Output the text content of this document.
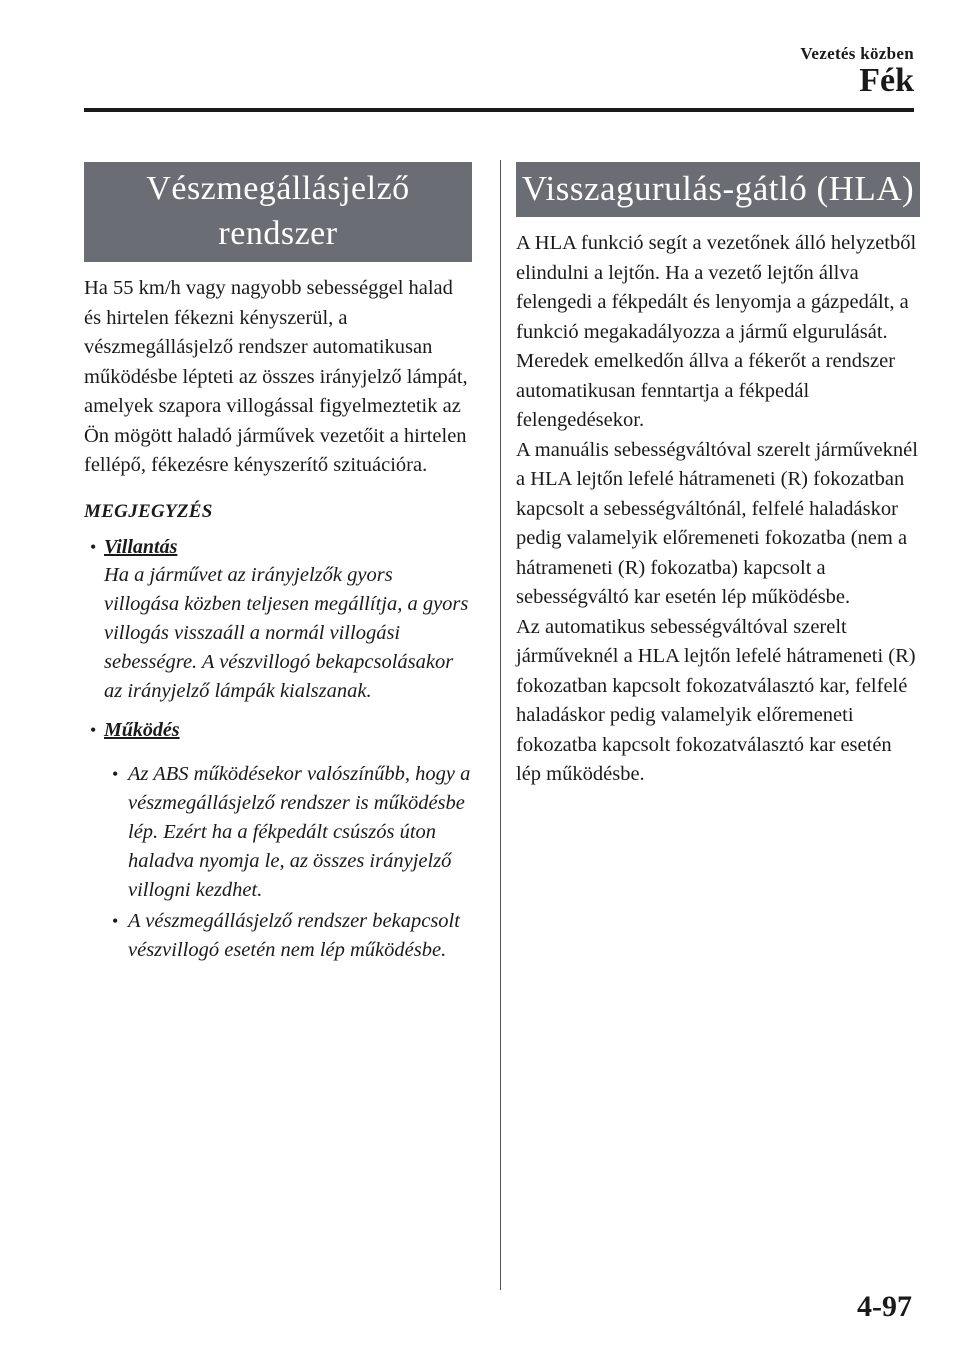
Vezetés közben
Fék
Vészmegállásjelző
rendszer

Ha 55 km/h vagy nagyobb sebességgel halad és hirtelen fékezni kényszerül, a vészmegállásjelző rendszer automatikusan működésbe lépteti az összes irányjelző lámpát, amelyek szapora villogással figyelmeztetik az Ön mögött haladó járművek vezetőit a hirtelen fellépő, fékezésre kényszerítő szituációra.

MEGJEGYZÉS
• Villantás

Ha a járművet az irányjelzők gyors villogása közben teljesen megállítja, a gyors villogás visszaáll a normál villogási sebességre. A vészvillogó bekapcsolásakor az irányjelző lámpák kialszanak.

• Működés
• Az ABS működésekor valószínűbb, hogy a vészmegállásjelző rendszer is működésbe lép. Ezért ha a fékpedált csúszós úton haladva nyomja le, az összes irányjelző villogni kezdhet.

• A vészmegállásjelző rendszer bekapcsolt vészvillogó esetén nem lép működésbe.

Visszagurulás-gátló (HLA)

A HLA funkció segít a vezetőnek álló helyzetből elindulni a lejtőn. Ha a vezető lejtőn állva felengedi a fékpedált és lenyomja a gázpedált, a funkció megakadályozza a jármű elgurulását. Meredek emelkedőn állva a fékerőt a rendszer automatikusan fenntartja a fékpedál felengedésekor.

A manuális sebességváltóval szerelt járműveknél a HLA lejtőn lefelé hátrameneti (R) fokozatban kapcsolt a sebességváltónál, felfelé haladáskor pedig valamelyik előremeneti fokozatba (nem a hátrameneti (R) fokozatba) kapcsolt a sebességváltó kar esetén lép működésbe.

Az automatikus sebességváltóval szerelt járműveknél a HLA lejtőn lefelé hátrameneti (R) fokozatban kapcsolt fokozatválasztó kar, felfelé haladáskor pedig valamelyik előremeneti fokozatba kapcsolt fokozatválasztó kar esetén lép működésbe.

4-97
